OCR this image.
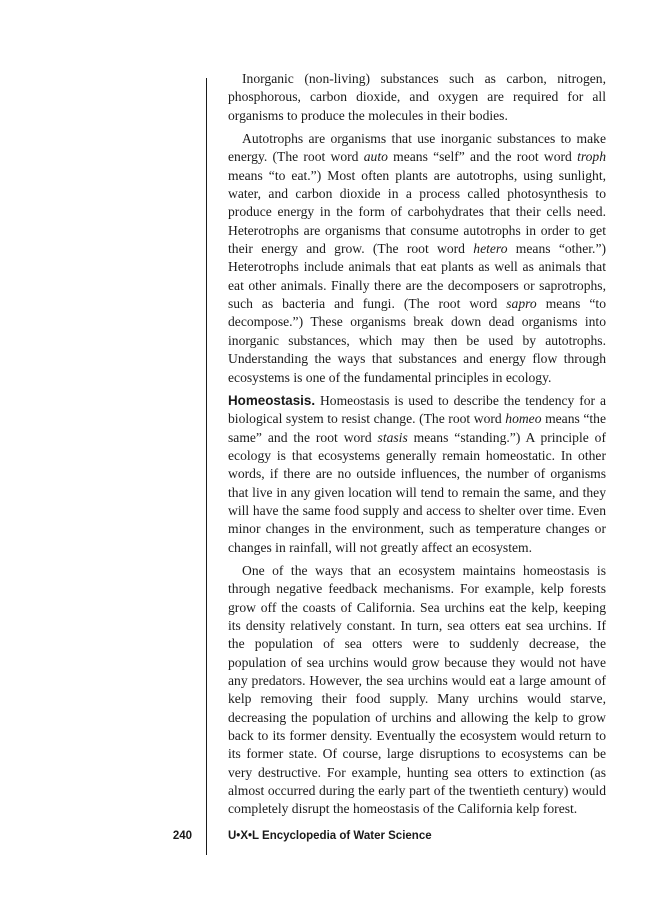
Inorganic (non-living) substances such as carbon, nitrogen, phosphorous, carbon dioxide, and oxygen are required for all organisms to produce the molecules in their bodies.

Autotrophs are organisms that use inorganic substances to make energy. (The root word auto means “self” and the root word troph means “to eat.”) Most often plants are autotrophs, using sunlight, water, and carbon dioxide in a process called photosynthesis to produce energy in the form of carbohydrates that their cells need. Heterotrophs are organisms that consume autotrophs in order to get their energy and grow. (The root word hetero means “other.”) Heterotrophs include animals that eat plants as well as animals that eat other animals. Finally there are the decomposers or saprotrophs, such as bacteria and fungi. (The root word sapro means “to decompose.”) These organisms break down dead organisms into inorganic substances, which may then be used by autotrophs. Understanding the ways that substances and energy flow through ecosystems is one of the fundamental principles in ecology.

Homeostasis. Homeostasis is used to describe the tendency for a biological system to resist change. (The root word homeo means “the same” and the root word stasis means “standing.”) A principle of ecology is that ecosystems generally remain homeostatic. In other words, if there are no outside influences, the number of organisms that live in any given location will tend to remain the same, and they will have the same food supply and access to shelter over time. Even minor changes in the environment, such as temperature changes or changes in rainfall, will not greatly affect an ecosystem.

One of the ways that an ecosystem maintains homeostasis is through negative feedback mechanisms. For example, kelp forests grow off the coasts of California. Sea urchins eat the kelp, keeping its density relatively constant. In turn, sea otters eat sea urchins. If the population of sea otters were to suddenly decrease, the population of sea urchins would grow because they would not have any predators. However, the sea urchins would eat a large amount of kelp removing their food supply. Many urchins would starve, decreasing the population of urchins and allowing the kelp to grow back to its former density. Eventually the ecosystem would return to its former state. Of course, large disruptions to ecosystems can be very destructive. For example, hunting sea otters to extinction (as almost occurred during the early part of the twentieth century) would completely disrupt the homeostasis of the California kelp forest.

240	U•X•L Encyclopedia of Water Science
